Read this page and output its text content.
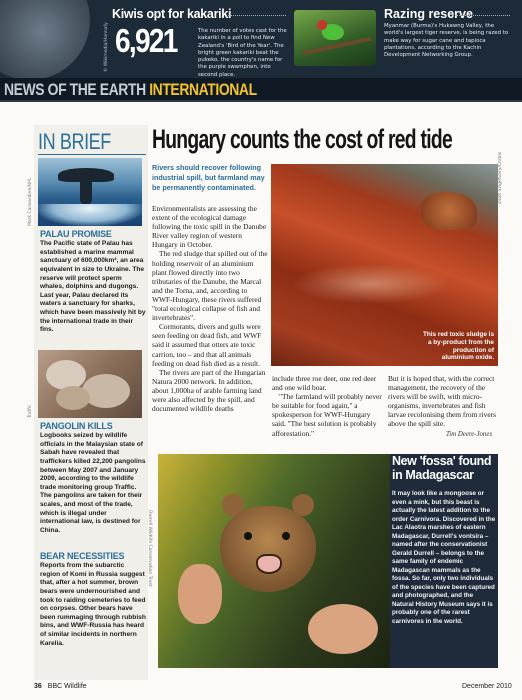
Kiwis opt for kakariki
© Wikimedia/Hannafy 6,921	The number of votes cast for the kakariki in a poll to find New Zealand's 'Bird of the Year'. The bright green kakariki beat the pukeko, the country's name for the purple swamphen, into second place.
Razing reserve
Myanmar (Burma)'s Hukawng Valley, the world's largest tiger reserve, is being razed to make way for sugar cane and tapioca plantations, according to the Kachin Development Networking Group.
NEWS OF THE EARTH INTERNATIONAL
IN BRIEF
Mark Carwardine/NPL
PALAU PROMISE
The Pacific state of Palau has established a marine mammal sanctuary of 600,000km², an area equivalent in size to Ukraine. The reserve will protect sperm whales, dolphins and dugongs. Last year, Palau declared its waters a sanctuary for sharks, which have been massively hit by the international trade in their fins.
Traffic
PANGOLIN KILLS
Logbooks seized by wildlife officials in the Malaysian state of Sabah have revealed that traffickers killed 22,200 pangolins between May 2007 and January 2009, according to the wildlife trade monitoring group Traffic. The pangolins are taken for their scales, and most of the trade, which is illegal under international law, is destined for China.
BEAR NECESSITIES
Reports from the subarctic region of Komi in Russia suggest that, after a hot summer, brown bears were undernourished and took to raiding cemeteries to feed on corpses. Other bears have been rummaging through rubbish bins, and WWF-Russia has heard of similar incidents in northern Karelia.
Hungary counts the cost of red tide
Rivers should recover following industrial spill, but farmland may be permanently contaminated.

Environmentalists are assessing the extent of the ecological damage following the toxic spill in the Danube River valley region of western Hungary in October.

The red sludge that spilled out of the holding reservoir of an aluminium plant flowed directly into two tributaries of the Danube, the Marcal and the Torna, and, according to WWF-Hungary, these rivers suffered "total ecological collapse of fish and invertebrates".

Cormorants, divers and gulls were seen feeding on dead fish, and WWF said it assumed that otters ate toxic carrion, too – and that all animals feeding on dead fish died as a result.

The rivers are part of the Hungarian Natura 2000 network. In addition, about 1,000ha of arable farming land were also affected by the spill, and documented wildlife deaths

Zsolt Szigetvary/Corbis
This red toxic sludge is a by-product from the production of aluminium oxide.

include three roe deer, one red deer and one wild boar.

"The farmland will probably never be suitable for food again," a spokesperson for WWF-Hungary said. "The best solution is probably afforestation."

But it is hoped that, with the correct management, the recovery of the rivers will be swift, with micro-organisms, invertebrates and fish larvae recolonising them from rivers above the spill site.

Tim Deere-Jones
Durrell Wildlife Conservation Trust
New 'fossa' found in Madagascar
It may look like a mongoose or even a mink, but this beast is actually the latest addition to the order Carnivora. Discovered in the Lac Alaotra marshes of eastern Madagascar, Durrell's vontsira – named after the conservationist Gerald Durrell – belongs to the same family of endemic Madagascan mammals as the fossa. So far, only two individuals of the species have been captured and photographed, and the Natural History Museum says it is probably one of the rarest carnivores in the world.
36 BBC Wildlife	December 2010
